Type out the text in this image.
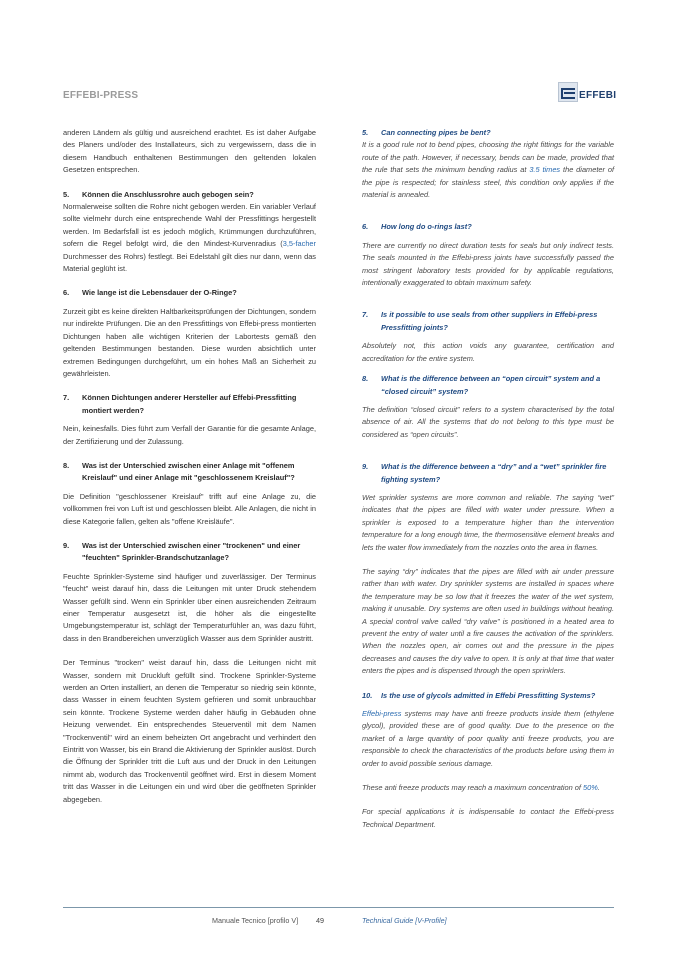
EFFEBI-PRESS	EFFEBI

anderen Ländern als gültig und ausreichend erachtet. Es ist daher Aufgabe des Planers und/oder des Installateurs, sich zu vergewissern, dass die in diesem Handbuch enthaltenen Bestimmungen den geltenden lokalen Gesetzen entsprechen.

5.	Können die Anschlussrohre auch gebogen sein?

Normalerweise sollten die Rohre nicht gebogen werden. Ein variabler Verlauf sollte vielmehr durch eine entsprechende Wahl der Pressfittings hergestellt werden. Im Bedarfsfall ist es jedoch möglich, Krümmungen durchzuführen, sofern die Regel befolgt wird, die den Mindest-Kurvenradius (3,5-facher Durchmesser des Rohrs) festlegt. Bei Edelstahl gilt dies nur dann, wenn das Material geglüht ist.

6.	Wie lange ist die Lebensdauer der O-Ringe?

Zurzeit gibt es keine direkten Haltbarkeitsprüfungen der Dichtungen, sondern nur indirekte Prüfungen. Die an den Pressfittings von Effebi-press montierten Dichtungen haben alle wichtigen Kriterien der Labortests gemäß den geltenden Bestimmungen bestanden. Diese wurden absichtlich unter extremen Bedingungen durchgeführt, um ein hohes Maß an Sicherheit zu gewährleisten.

7.	Können Dichtungen anderer Hersteller auf Effebi-Pressfitting montiert werden?

Nein, keinesfalls. Dies führt zum Verfall der Garantie für die gesamte Anlage, der Zertifizierung und der Zulassung.

8.	Was ist der Unterschied zwischen einer Anlage mit "offenem Kreislauf" und einer Anlage mit "geschlossenem Kreislauf"?

Die Definition "geschlossener Kreislauf" trifft auf eine Anlage zu, die vollkommen frei von Luft ist und geschlossen bleibt. Alle Anlagen, die nicht in diese Kategorie fallen, gelten als "offene Kreisläufe".

9.	Was ist der Unterschied zwischen einer "trockenen" und einer "feuchten" Sprinkler-Brandschutzanlage?

Feuchte Sprinkler-Systeme sind häufiger und zuverlässiger. Der Terminus "feucht" weist darauf hin, dass die Leitungen mit unter Druck stehendem Wasser gefüllt sind. Wenn ein Sprinkler über einen ausreichenden Zeitraum einer Temperatur ausgesetzt ist, die höher als die eingestellte Umgebungstemperatur ist, schlägt der Temperaturfühler an, was dazu führt, dass in den Brandbereichen unverzüglich Wasser aus dem Sprinkler austritt.

Der Terminus "trocken" weist darauf hin, dass die Leitungen nicht mit Wasser, sondern mit Druckluft gefüllt sind. Trockene Sprinkler-Systeme werden an Orten installiert, an denen die Temperatur so niedrig sein könnte, dass Wasser in einem feuchten System gefrieren und somit unbrauchbar sein könnte. Trockene Systeme werden daher häufig in Gebäuden ohne Heizung verwendet. Ein entsprechendes Steuerventil mit dem Namen "Trockenventil" wird an einem beheizten Ort angebracht und verhindert den Eintritt von Wasser, bis ein Brand die Aktivierung der Sprinkler auslöst. Durch die Öffnung der Sprinkler tritt die Luft aus und der Druck in den Leitungen nimmt ab, wodurch das Trockenventil geöffnet wird. Erst in diesem Moment tritt das Wasser in die Leitungen ein und wird über die geöffneten Sprinkler abgegeben.

5.	Can connecting pipes be bent?

It is a good rule not to bend pipes, choosing the right fittings for the variable route of the path. However, if necessary, bends can be made, provided that the rule that sets the minimum bending radius at 3.5 times the diameter of the pipe is respected; for stainless steel, this condition only applies if the material is annealed.

6.	How long do o-rings last?

There are currently no direct duration tests for seals but only indirect tests. The seals mounted in the Effebi-press joints have successfully passed the most stringent laboratory tests provided for by applicable regulations, intentionally exaggerated to obtain maximum safety.

7.	Is it possible to use seals from other suppliers in Effebi-press Pressfitting joints?

Absolutely not, this action voids any guarantee, certification and accreditation for the entire system.

8.	What is the difference between an “open circuit” system and a “closed circuit” system?

The definition “closed circuit” refers to a system characterised by the total absence of air. All the systems that do not belong to this type must be considered as “open circuits”.

9.	What is the difference between a “dry” and a “wet” sprinkler fire fighting system?

Wet sprinkler systems are more common and reliable. The saying “wet” indicates that the pipes are filled with water under pressure. When a sprinkler is exposed to a temperature higher than the intervention temperature for a long enough time, the thermosensitive element breaks and lets the water flow immediately from the nozzles onto the area in flames.

The saying “dry” indicates that the pipes are filled with air under pressure rather than with water. Dry sprinkler systems are installed in spaces where the temperature may be so low that it freezes the water of the wet system, making it unusable. Dry systems are often used in buildings without heating. A special control valve called “dry valve” is positioned in a heated area to prevent the entry of water until a fire causes the activation of the sprinklers. When the nozzles open, air comes out and the pressure in the pipes decreases and causes the dry valve to open. It is only at that time that water enters the pipes and is dispensed through the open sprinklers.

10.	Is the use of glycols admitted in Effebi Pressfitting Systems?

Effebi-press systems may have anti freeze products inside them (ethylene glycol), provided these are of good quality. Due to the presence on the market of a large quantity of poor quality anti freeze products, you are responsible to check the characteristics of the products before using them in order to avoid possible serious damage.

These anti freeze products may reach a maximum concentration of 50%.

For special applications it is indispensable to contact the Effebi-press Technical Department.

Manuale Tecnico [profilo V] 49	Technical Guide [V-Profile]
